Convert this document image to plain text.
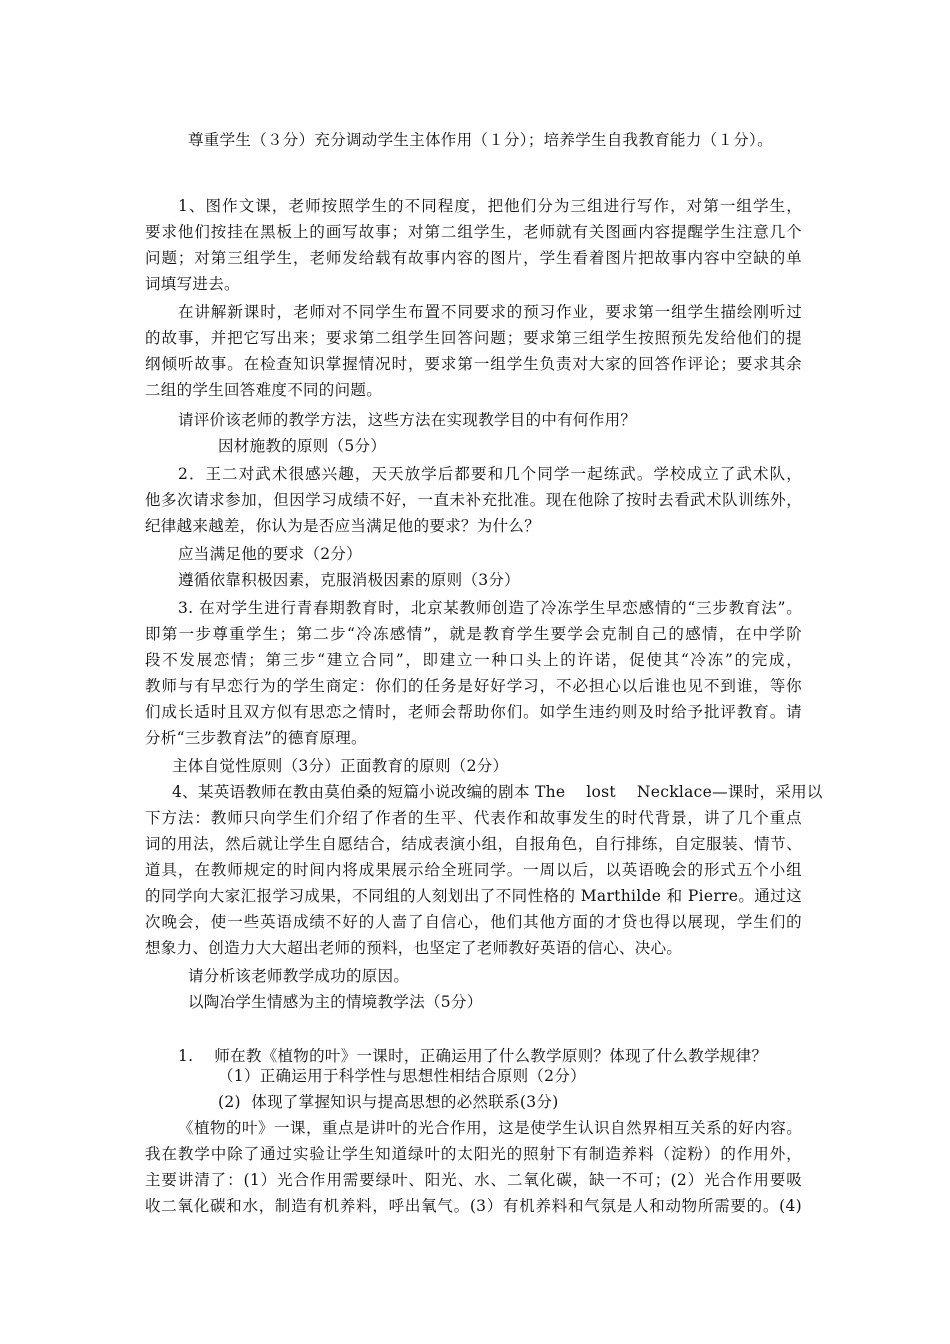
尊重学生（３分）充分调动学生主体作用（１分）；培养学生自我教育能力（１分）。
1、图作文课，老师按照学生的不同程度，把他们分为三组进行写作，对第一组学生，
要求他们按挂在黑板上的画写故事；对第二组学生，老师就有关图画内容提醒学生注意几个
问题；对第三组学生，老师发给载有故事内容的图片，学生看着图片把故事内容中空缺的单
词填写进去。
在讲解新课时，老师对不同学生布置不同要求的预习作业，要求第一组学生描绘刚听过
的故事，并把它写出来；要求第二组学生回答问题；要求第三组学生按照预先发给他们的提
纲倾听故事。在检查知识掌握情况时，要求第一组学生负责对大家的回答作评论；要求其余
二组的学生回答难度不同的问题。
请评价该老师的教学方法，这些方法在实现教学目的中有何作用？
因材施教的原则（5分）
2．王二对武术很感兴趣，天天放学后都要和几个同学一起练武。学校成立了武术队，
他多次请求参加，但因学习成绩不好，一直未补充批准。现在他除了按时去看武术队训练外，
纪律越来越差，你认为是否应当满足他的要求？为什么？
应当满足他的要求（2分）
遵循依靠积极因素，克服消极因素的原则（3分）
3. 在对学生进行青春期教育时，北京某教师创造了冷冻学生早恋感情的“三步教育法”。
即第一步尊重学生；第二步“冷冻感情”，就是教育学生要学会克制自己的感情，在中学阶
段不发展恋情；第三步“建立合同”，即建立一种口头上的许诺，促使其“冷冻”的完成，
教师与有早恋行为的学生商定：你们的任务是好好学习，不必担心以后谁也见不到谁，等你
们成长适时且双方似有思恋之情时，老师会帮助你们。如学生违约则及时给予批评教育。请
分析“三步教育法”的德育原理。
主体自觉性原则（3分）正面教育的原则（2分）
4、某英语教师在教由莫伯桑的短篇小说改编的剧本 The    lost    Necklace—课时，采用以
下方法：教师只向学生们介绍了作者的生平、代表作和故事发生的时代背景，讲了几个重点
词的用法，然后就让学生自愿结合，结成表演小组，自报角色，自行排练，自定服装、情节、
道具，在教师规定的时间内将成果展示给全班同学。一周以后，以英语晚会的形式五个小组
的同学向大家汇报学习成果，不同组的人刻划出了不同性格的 Marthilde 和 Pierre。通过这
次晚会，使一些英语成绩不好的人啬了自信心，他们其他方面的才贷也得以展现，学生们的
想象力、创造力大大超出老师的预料，也坚定了老师教好英语的信心、决心。
请分析该老师教学成功的原因。
以陶冶学生情感为主的情境教学法（5分）
1.    师在教《植物的叶》一课时，正确运用了什么教学原则？体现了什么教学规律？
（1）正确运用于科学性与思想性相结合原则（2分）
(2)  体现了掌握知识与提高思想的必然联系(3分)
《植物的叶》一课，重点是讲叶的光合作用，这是使学生认识自然界相互关系的好内容。
我在教学中除了通过实验让学生知道绿叶的太阳光的照射下有制造养料（淀粉）的作用外，
主要讲清了：(1）光合作用需要绿叶、阳光、水、二氧化碳，缺一不可；(2）光合作用要吸
收二氧化碳和水，制造有机养料，呼出氧气。(3）有机养料和气氛是人和动物所需要的。(4)
